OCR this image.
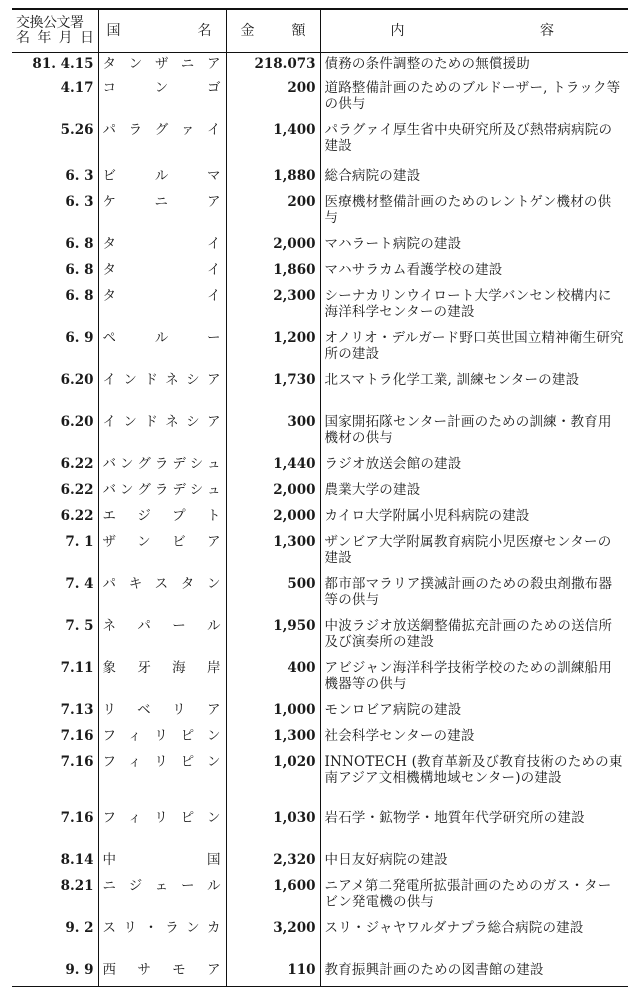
交換公文署
名 年 月 日	国 名	金 額	内 容
81. 4.15	タンザニア	218.073	債務の条件調整のための無償援助
4.17	コンゴ	200	道路整備計画のためのブルドーザー, トラック等の供与
5.26	パラグァイ	1,400	パラグァイ厚生省中央研究所及び熱帯病病院の建設
6. 3	ビルマ	1,880	総合病院の建設
6. 3	ケニア	200	医療機材整備計画のためのレントゲン機材の供与
6. 8	タイ	2,000	マハラート病院の建設
6. 8	タイ	1,860	マハサラカム看護学校の建設
6. 8	タイ	2,300	シーナカリンウイロート大学バンセン校構内に海洋科学センターの建設
6. 9	ペルー	1,200	オノリオ・デルガード野口英世国立精神衛生研究所の建設
6.20	インドネシア	1,730	北スマトラ化学工業, 訓練センターの建設
6.20	インドネシア	300	国家開拓隊センター計画のための訓練・教育用機材の供与
6.22	バングラデシュ	1,440	ラジオ放送会館の建設
6.22	バングラデシュ	2,000	農業大学の建設
6.22	エジプト	2,000	カイロ大学附属小児科病院の建設
7. 1	ザンビア	1,300	ザンビア大学附属教育病院小児医療センターの建設
7. 4	パキスタン	500	都市部マラリア撲滅計画のための殺虫剤撒布器等の供与
7. 5	ネパール	1,950	中波ラジオ放送網整備拡充計画のための送信所及び演奏所の建設
7.11	象牙海岸	400	アビジャン海洋科学技術学校のための訓練船用機器等の供与
7.13	リベリア	1,000	モンロビア病院の建設
7.16	フィリピン	1,300	社会科学センターの建設
7.16	フィリピン	1,020	INNOTECH (教育革新及び教育技術のための東南アジア文相機構地域センター)の建設
7.16	フィリピン	1,030	岩石学・鉱物学・地質年代学研究所の建設
8.14	中国	2,320	中日友好病院の建設
8.21	ニジェール	1,600	ニアメ第二発電所拡張計画のためのガス・タービン発電機の供与
9. 2	スリ・ランカ	3,200	スリ・ジャヤワルダナプラ総合病院の建設
9. 9	西サモア	110	教育振興計画のための図書館の建設
